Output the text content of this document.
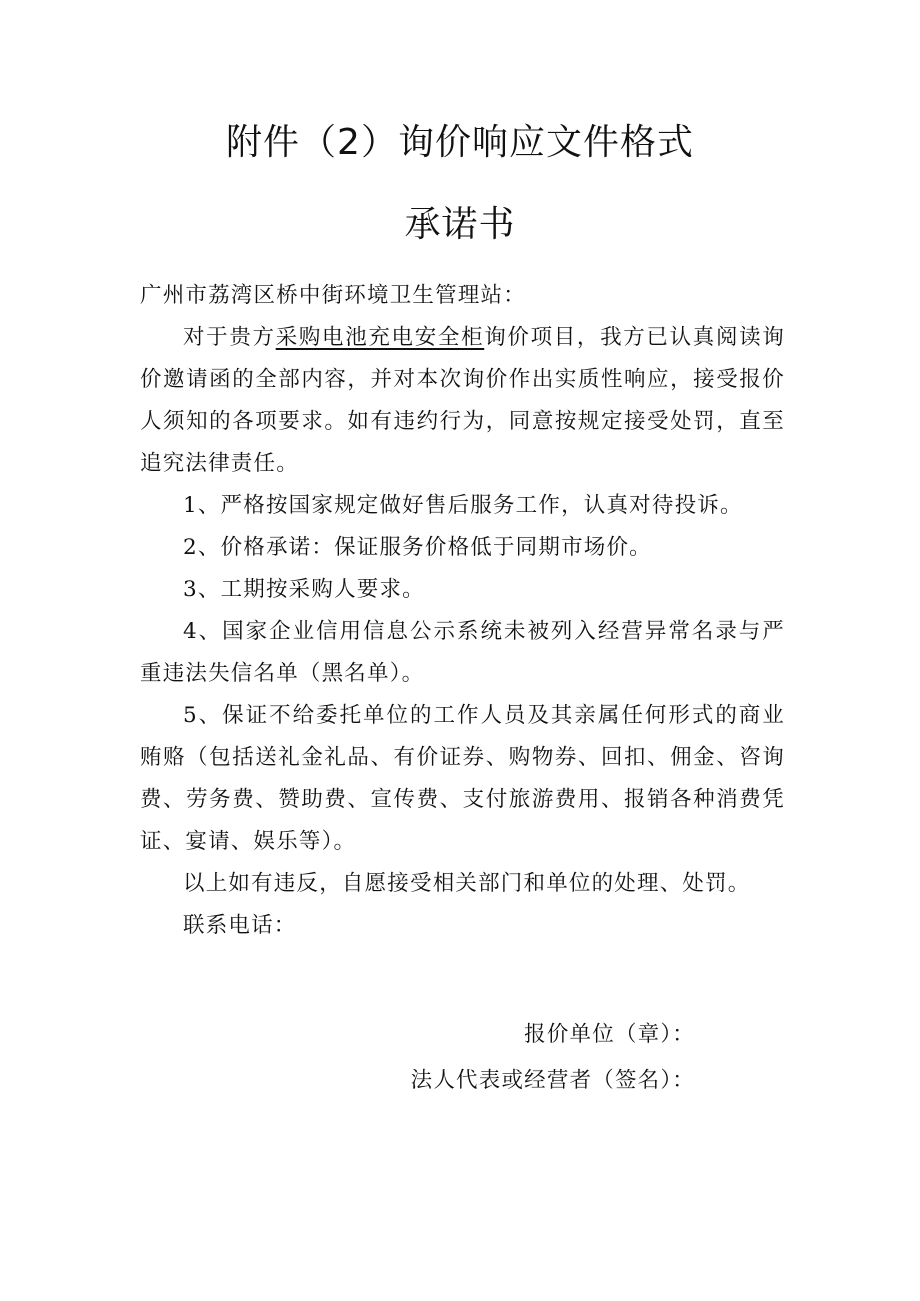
附件（2）询价响应文件格式
承诺书

广州市荔湾区桥中街环境卫生管理站：

对于贵方采购电池充电安全柜询价项目，我方已认真阅读询价邀请函的全部内容，并对本次询价作出实质性响应，接受报价人须知的各项要求。如有违约行为，同意按规定接受处罚，直至追究法律责任。

1、严格按国家规定做好售后服务工作，认真对待投诉。

2、价格承诺：保证服务价格低于同期市场价。

3、工期按采购人要求。

4、国家企业信用信息公示系统未被列入经营异常名录与严重违法失信名单（黑名单）。

5、保证不给委托单位的工作人员及其亲属任何形式的商业贿赂（包括送礼金礼品、有价证券、购物券、回扣、佣金、咨询费、劳务费、赞助费、宣传费、支付旅游费用、报销各种消费凭证、宴请、娱乐等）。

以上如有违反，自愿接受相关部门和单位的处理、处罚。

联系电话：

报价单位（章）：
法人代表或经营者（签名）：
